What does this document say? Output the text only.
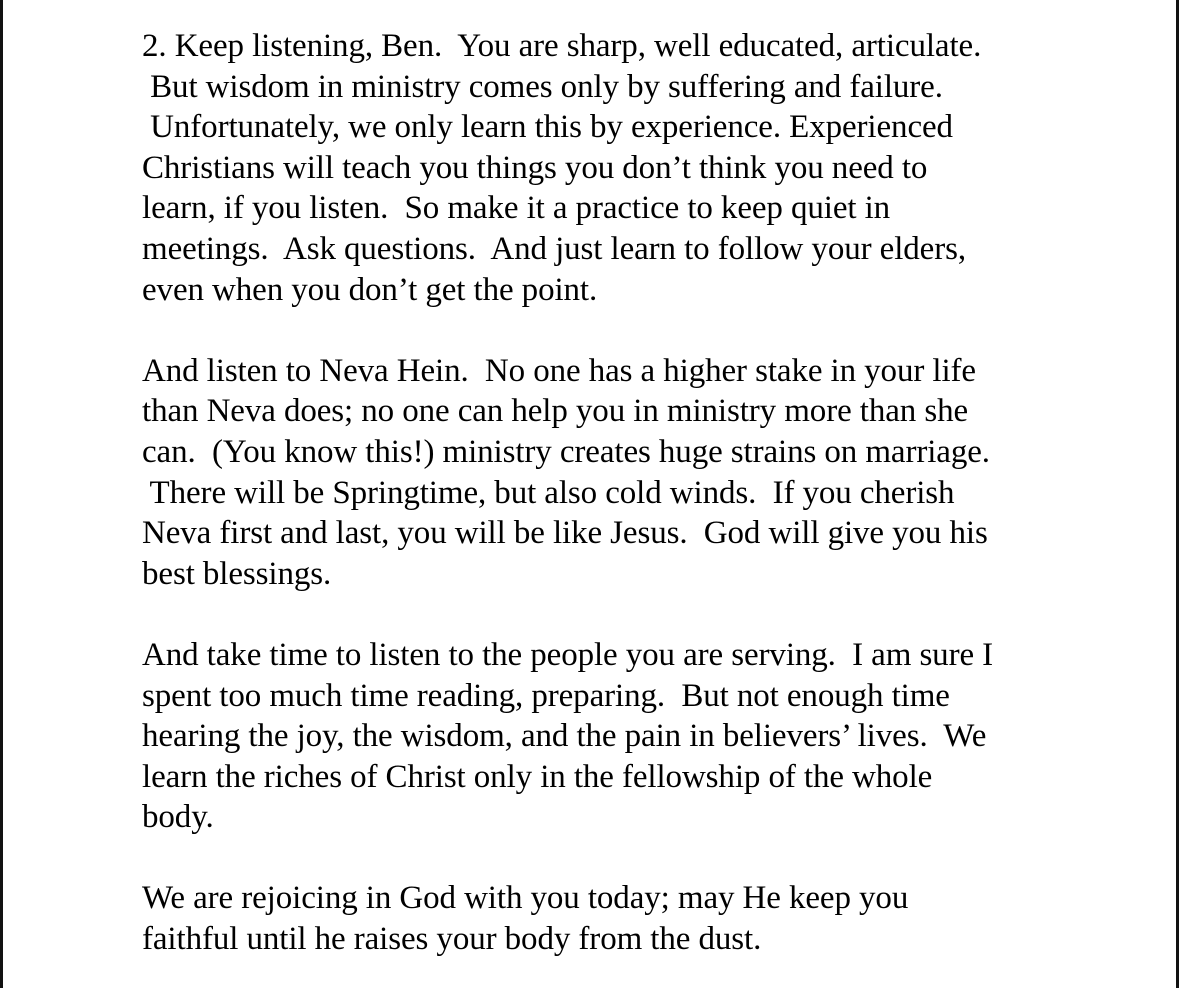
2. Keep listening, Ben.  You are sharp, well educated, articulate.
But wisdom in ministry comes only by suffering and failure.
Unfortunately, we only learn this by experience. Experienced
Christians will teach you things you don’t think you need to
learn, if you listen.  So make it a practice to keep quiet in
meetings.  Ask questions.  And just learn to follow your elders,
even when you don’t get the point.

And listen to Neva Hein.  No one has a higher stake in your life
than Neva does; no one can help you in ministry more than she
can.  (You know this!) ministry creates huge strains on marriage.
There will be Springtime, but also cold winds.  If you cherish
Neva first and last, you will be like Jesus.  God will give you his
best blessings.

And take time to listen to the people you are serving.  I am sure I
spent too much time reading, preparing.  But not enough time
hearing the joy, the wisdom, and the pain in believers’ lives.  We
learn the riches of Christ only in the fellowship of the whole
body.

We are rejoicing in God with you today; may He keep you
faithful until he raises your body from the dust.
